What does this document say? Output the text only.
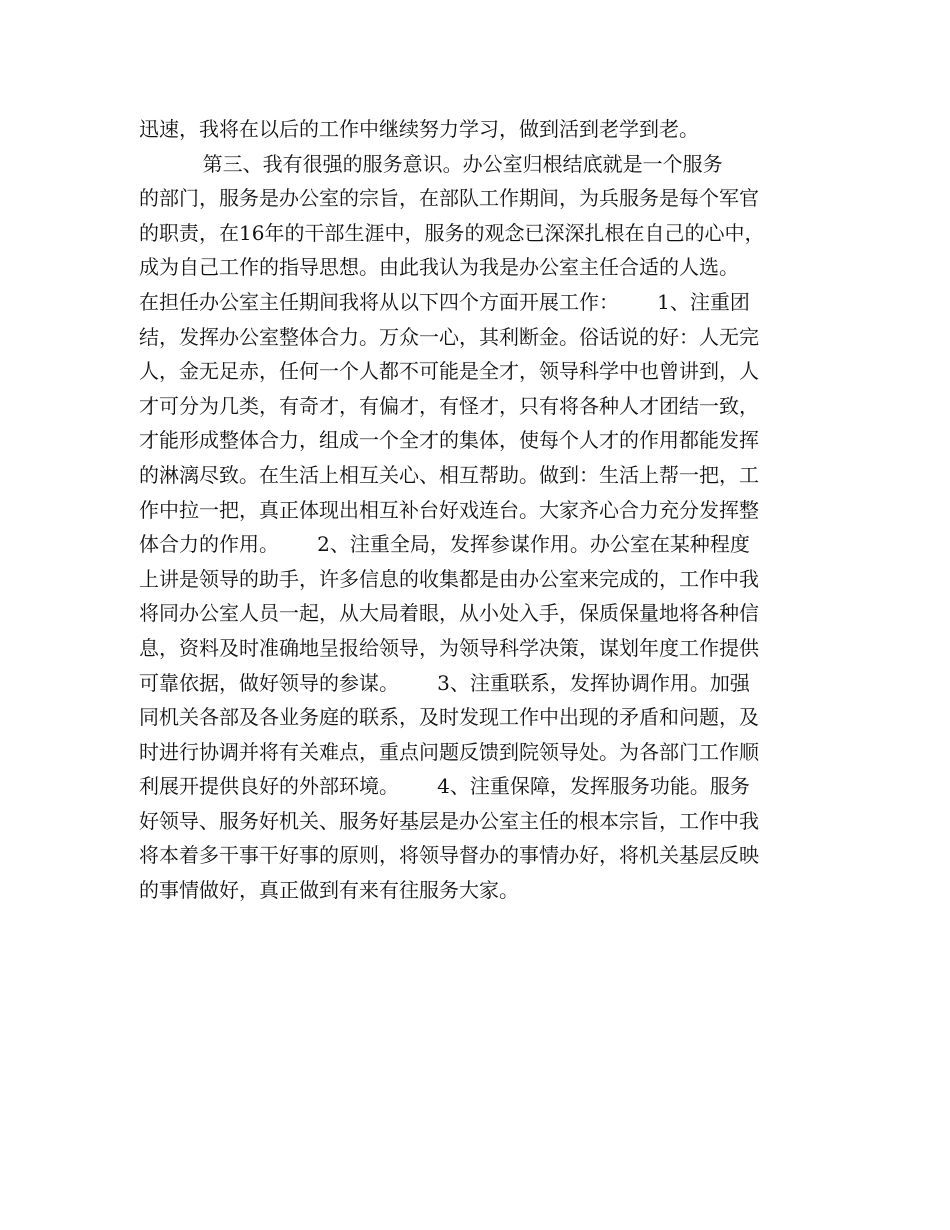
迅速，我将在以后的工作中继续努力学习，做到活到老学到老。
第三、我有很强的服务意识。办公室归根结底就是一个服务
的部门，服务是办公室的宗旨，在部队工作期间，为兵服务是每个军官
的职责，在16年的干部生涯中，服务的观念已深深扎根在自己的心中，
成为自己工作的指导思想。由此我认为我是办公室主任合适的人选。
在担任办公室主任期间我将从以下四个方面开展工作：      1、注重团
结，发挥办公室整体合力。万众一心，其利断金。俗话说的好：人无完
人，金无足赤，任何一个人都不可能是全才，领导科学中也曾讲到，人
才可分为几类，有奇才，有偏才，有怪才，只有将各种人才团结一致，
才能形成整体合力，组成一个全才的集体，使每个人才的作用都能发挥
的淋漓尽致。在生活上相互关心、相互帮助。做到：生活上帮一把，工
作中拉一把，真正体现出相互补台好戏连台。大家齐心合力充分发挥整
体合力的作用。      2、注重全局，发挥参谋作用。办公室在某种程度
上讲是领导的助手，许多信息的收集都是由办公室来完成的，工作中我
将同办公室人员一起，从大局着眼，从小处入手，保质保量地将各种信
息，资料及时准确地呈报给领导，为领导科学决策，谋划年度工作提供
可靠依据，做好领导的参谋。      3、注重联系，发挥协调作用。加强
同机关各部及各业务庭的联系，及时发现工作中出现的矛盾和问题，及
时进行协调并将有关难点，重点问题反馈到院领导处。为各部门工作顺
利展开提供良好的外部环境。      4、注重保障，发挥服务功能。服务
好领导、服务好机关、服务好基层是办公室主任的根本宗旨，工作中我
将本着多干事干好事的原则，将领导督办的事情办好，将机关基层反映
的事情做好，真正做到有来有往服务大家。
